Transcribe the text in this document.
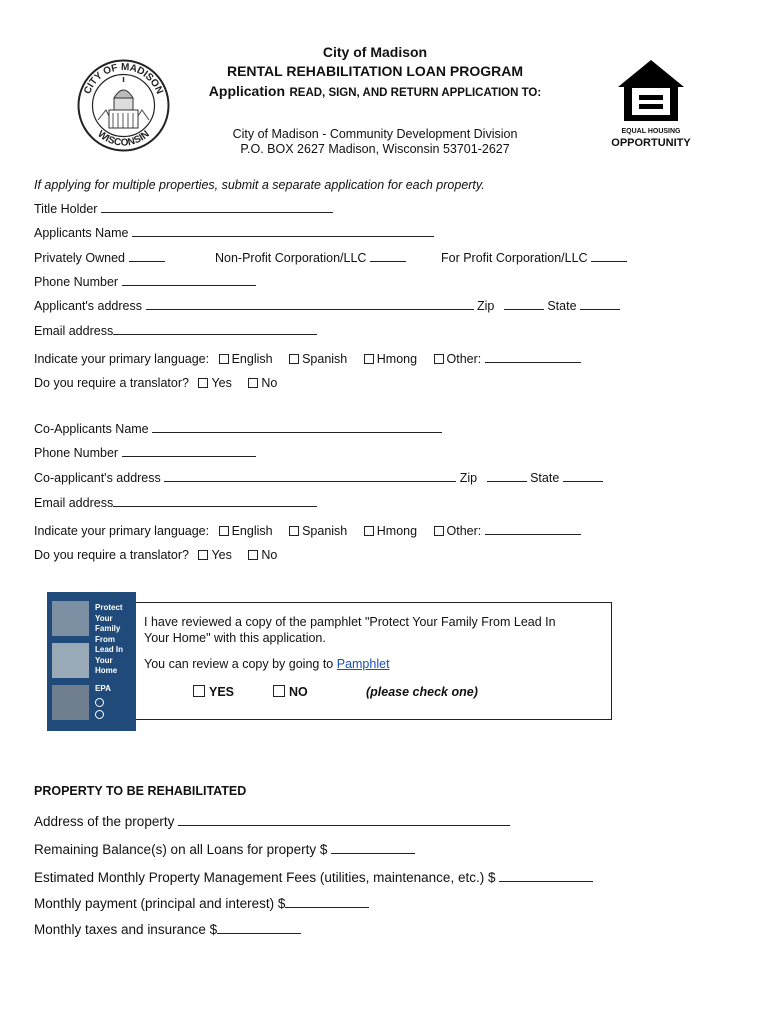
CITY OF MADISON
WISCONSIN
City of Madison
RENTAL REHABILITATION LOAN PROGRAM
Application READ, SIGN, AND RETURN APPLICATION TO:
City of Madison - Community Development Division
P.O. BOX 2627 Madison, Wisconsin 53701-2627
EQUAL HOUSING
OPPORTUNITY
If applying for multiple properties, submit a separate application for each property.
Title Holder
Applicants Name
Privately Owned	Non-Profit Corporation/LLC	For Profit Corporation/LLC
Phone Number
Applicant's address	Zip	State
Email address
Indicate your primary language: English Spanish Hmong Other:
Do you require a translator? Yes No
Co-Applicants Name
Phone Number
Co-applicant's address	Zip	State
Email address
Indicate your primary language: English Spanish Hmong Other:
Do you require a translator? Yes No
Protect
Your
Family
From
Lead In
Your
Home
EPA
I have reviewed a copy of the pamphlet "Protect Your Family From Lead In
Your Home" with this application.
You can review a copy by going to Pamphlet
YES	NO	(please check one)
PROPERTY TO BE REHABILITATED
Address of the property
Remaining Balance(s) on all Loans for property $
Estimated Monthly Property Management Fees (utilities, maintenance, etc.) $
Monthly payment (principal and interest) $
Monthly taxes and insurance $
